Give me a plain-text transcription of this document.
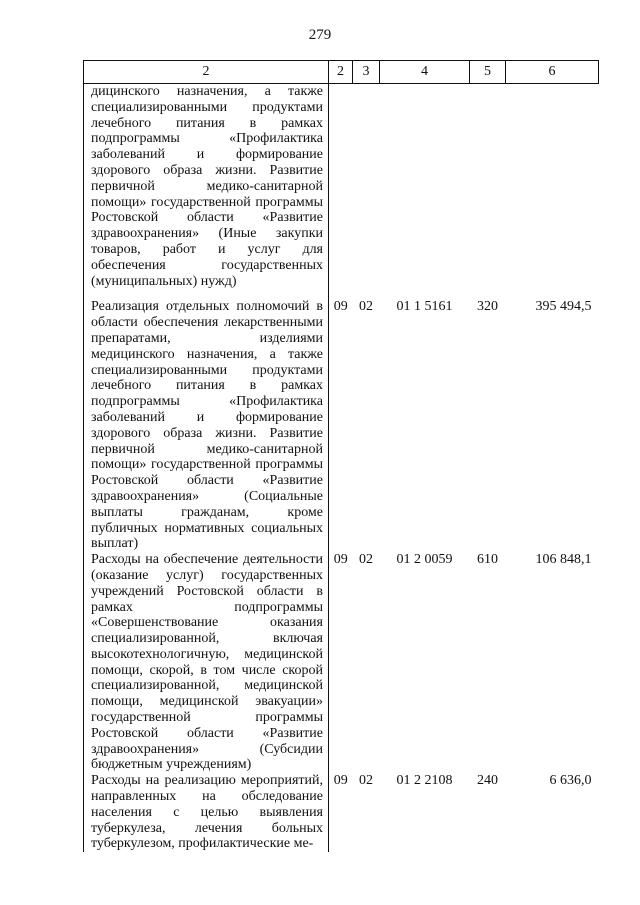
279
2	2	3	4	5	6
дицинского назначения, а также специализированными продуктами лечебного питания в рамках подпрограммы «Профилактика заболеваний и формирование здорового образа жизни. Развитие первичной медико-санитарной помощи» государственной программы Ростовской области «Развитие здравоохранения» (Иные закупки товаров, работ и услуг для обеспечения государственных (муниципальных) нужд)					
Реализация отдельных полномочий в области обеспечения лекарственными препаратами, изделиями медицинского назначения, а также специализированными продуктами лечебного питания в рамках подпрограммы «Профилактика заболеваний и формирование здорового образа жизни. Развитие первичной медико-санитарной помощи» государственной программы Ростовской области «Развитие здравоохранения» (Социальные выплаты гражданам, кроме публичных нормативных социальных выплат)	09	02	01 1 5161	320	395 494,5
Расходы на обеспечение деятельности (оказание услуг) государственных учреждений Ростовской области в рамках подпрограммы «Совершенствование оказания специализированной, включая высокотехнологичную, медицинской помощи, скорой, в том числе скорой специализированной, медицинской помощи, медицинской эвакуации» государственной программы Ростовской области «Развитие здравоохранения» (Субсидии бюджетным учреждениям)	09	02	01 2 0059	610	106 848,1
Расходы на реализацию мероприятий, направленных на обследование населения с целью выявления туберкулеза, лечения больных туберкулезом, профилактические ме-	09	02	01 2 2108	240	6 636,0
